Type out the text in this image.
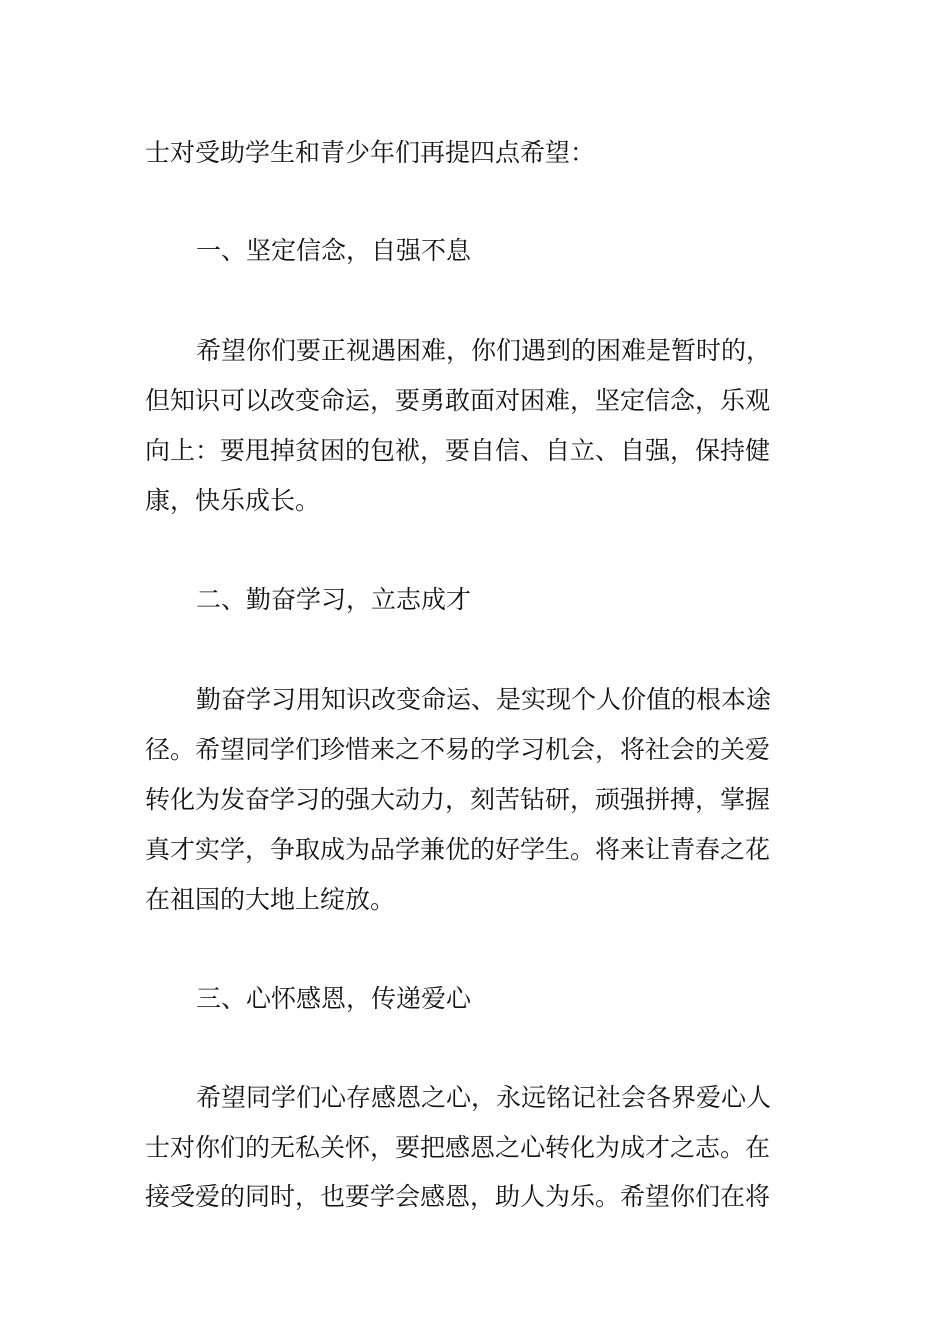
士对受助学生和青少年们再提四点希望：
一、坚定信念，自强不息
希望你们要正视遇困难，你们遇到的困难是暂时的，
但知识可以改变命运，要勇敢面对困难，坚定信念，乐观
向上：要甩掉贫困的包袱，要自信、自立、自强，保持健
康，快乐成长。
二、勤奋学习，立志成才
勤奋学习用知识改变命运、是实现个人价值的根本途
径。希望同学们珍惜来之不易的学习机会，将社会的关爱
转化为发奋学习的强大动力，刻苦钻研，顽强拼搏，掌握
真才实学，争取成为品学兼优的好学生。将来让青春之花
在祖国的大地上绽放。
三、心怀感恩，传递爱心
希望同学们心存感恩之心，永远铭记社会各界爱心人
士对你们的无私关怀，要把感恩之心转化为成才之志。在
接受爱的同时，也要学会感恩，助人为乐。希望你们在将
